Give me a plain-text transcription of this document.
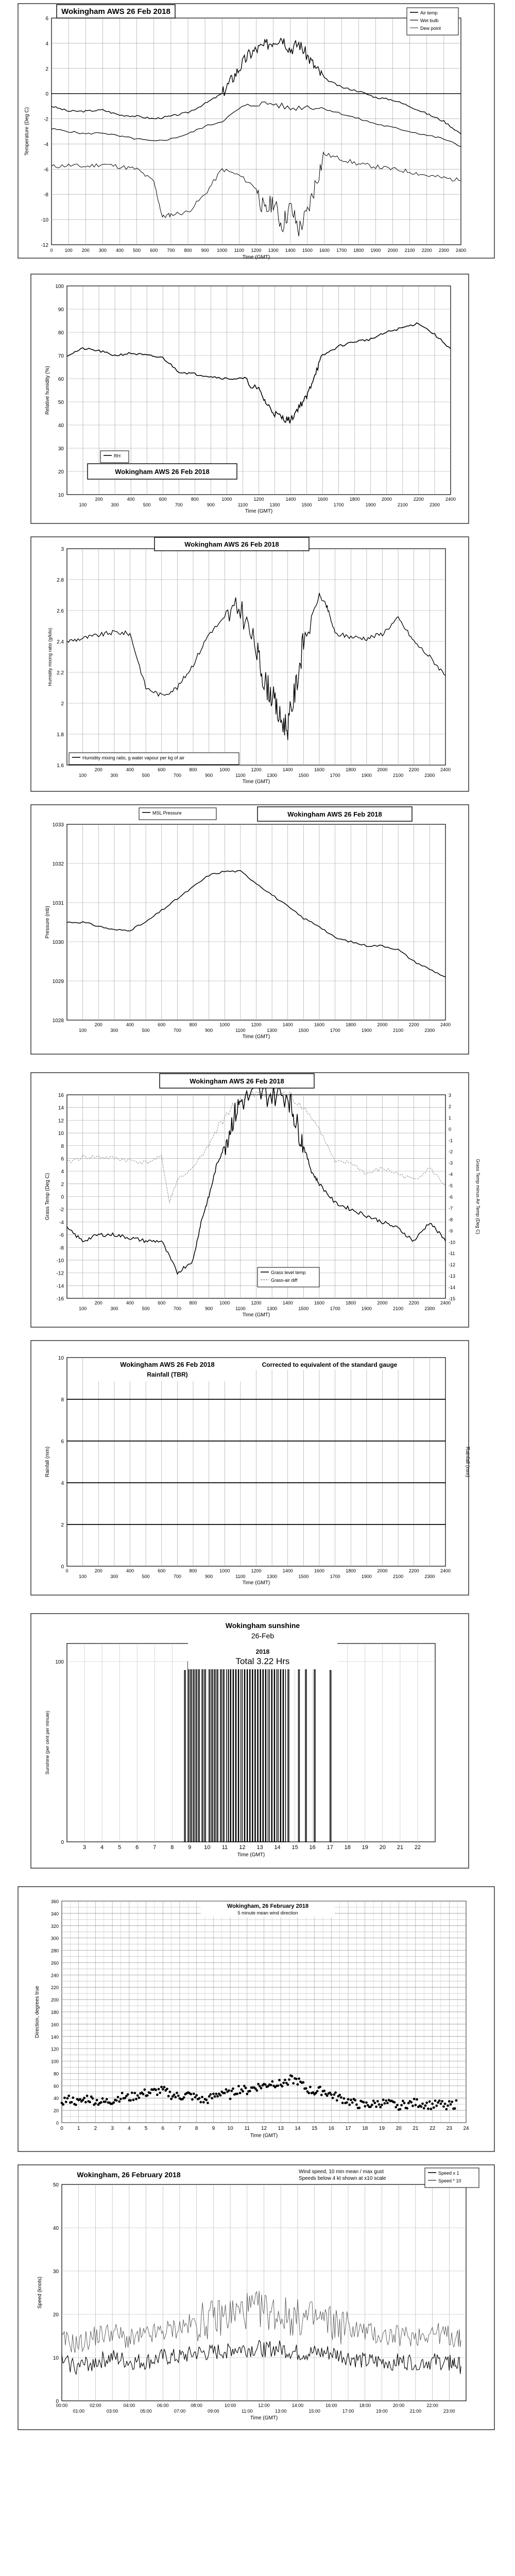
6
4
2
0
-2
-4
-6
-8
-10
-12
0	100 200 300 400 500 600 700 800 900 1000 1100 1200 1300 1400 1500 1600 1700 1800 1900 2000 2100 2200 2300 2400
Time (GMT)
Temperature (Deg C)
Wokingham AWS 26 Feb 2018	Air temp
Wet bulb
Dew point
100
90
80
70
60
50
40
30
20
10
200	400	600	800	1000	1200	1400	1600	1800	2000	2200	2400
100	300	500	700	900	1100	1300	1500	1700	1900	2100	2300
Time (GMT)
Relative humidity (%)
RH
Wokingham AWS 26 Feb 2018
3
2.8
2.6
2.4
2.2
2
1.8
1.6
200	400	600	800	1000	1200	1400	1600	1800	2000	2200	2400
100	300	500	700	900	1100	1300	1500	1700	1900	2100	2300
Time (GMT)
Humidity mixing ratio (g/kilo)
Wokingham AWS 26 Feb 2018
Humidity mixing ratio, g water vapour per kg of air
1033
1032
1031
1030
1029
1028
200	400	600	800	1000	1200	1400	1600	1800	2000	2200	2400
100	300	500	700	900	1100	1300	1500	1700	1900	2100	2300
Time (GMT)
Pressure (mb)
MSL Pressure	Wokingham AWS 26 Feb 2018
16
14
12
10
8
6
4
2
0
-2
-4
-6
-8
-10
-12
-14
-16
3
2
1
0
-1
-2
-3
-4
-5
-6
-7
-8
-9
-10
-11
-12
-13
-14
-15
200	400	600	800	1000	1200	1400	1600	1800	2000	2200	2400
100	300	500	700	900	1100	1300	1500	1700	1900	2100	2300
Time (GMT)
Grass Temp (Deg C)	Grass Temp minus Air Temp (Deg C)
Wokingham AWS 26 Feb 2018
Grass level temp
Grass-air diff
10
8
6
4
2
0
0	200	400	600	800	1000	1200	1400	1600	1800	2000	2200	2400
100	300	500	700	900	1100	1300	1500	1700	1900	2100	2300
Time (GMT)
Rainfall (mm)	Rainfall (mm)
Wokingham AWS 26 Feb 2018
Rainfall (TBR)
Corrected to equivalent of the standard gauge
100
0
3	4	5	6	7	8	9 10 11 12 13 14 15 16 17 18 19 20 21 22
Time (GMT)
Sunshine (per cent per minute)
Wokingham sunshine
26-Feb
2018
Total 3.22 Hrs
360
340
320
300
280
260
240
220
200
180
160
140
120
100
80
60
40
20
0
0	1	2	3	4	5	6	7	8	9 10 11 12 13 14 15 16 17 18 19 20 21 22 23 24
Time (GMT)
Direction, degrees true
Wokingham, 26 February 2018
5 minute mean wind direction
50
40
30
20
10
0
00:00	02:00	04:00	06:00	08:00	10:00	12:00	14:00	16:00	18:00	20:00	22:00
01:00	03:00	05:00	07:00	09:00	11:00	13:00	15:00	17:00	19:00	21:00	23:00
Time (GMT)
Speed (knots)
Wokingham, 26 February 2018	Wind speed, 10 min mean / max gust
Speeds below 4 kt shown at x10 scale
Speed x 1
Speed * 10
